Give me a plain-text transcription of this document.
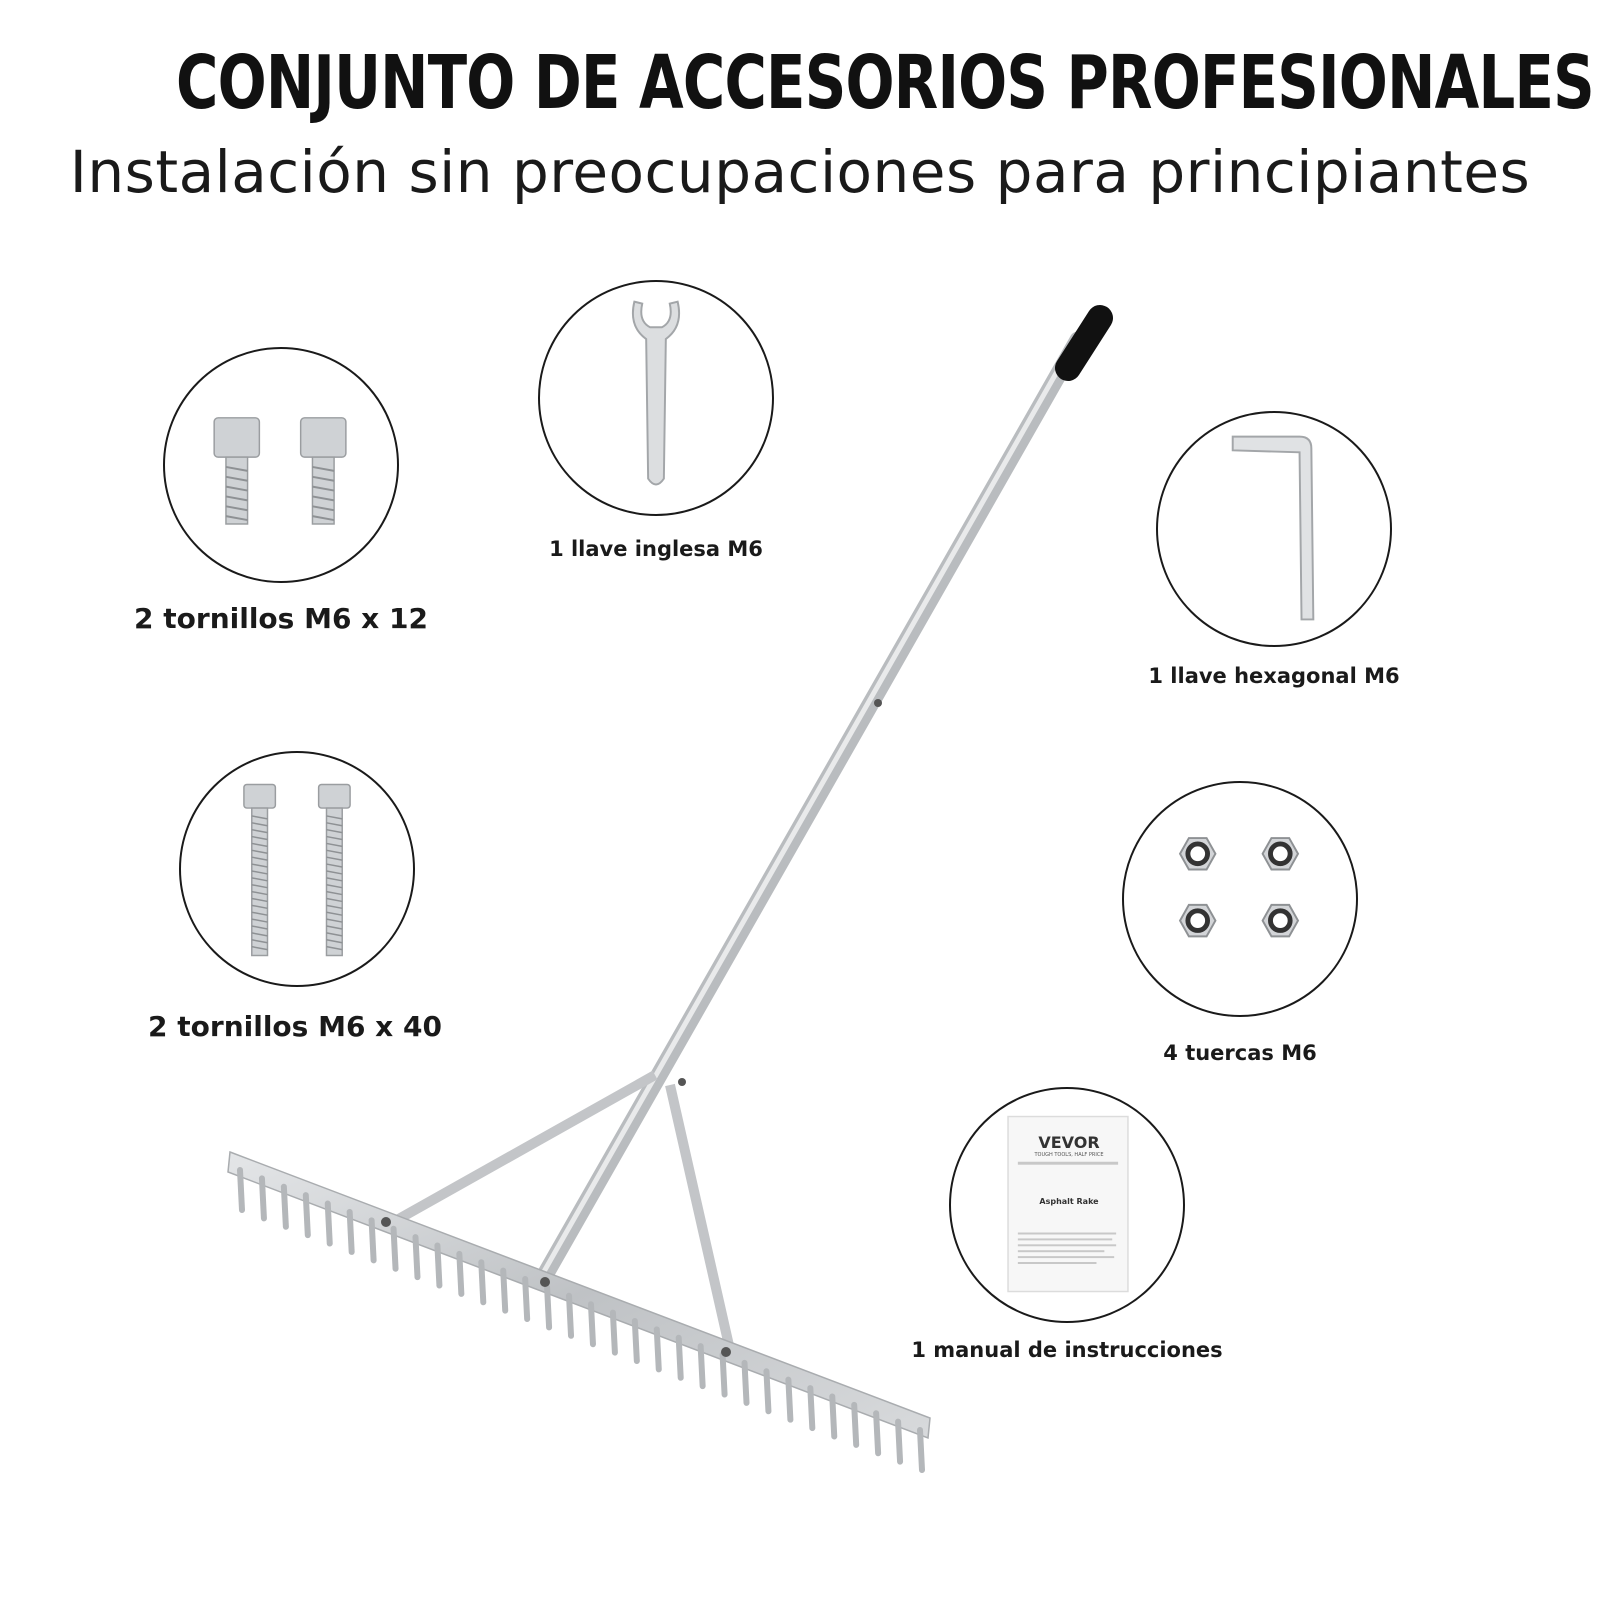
CONJUNTO DE ACCESORIOS PROFESIONALES
Instalación sin preocupaciones para principiantes
2 tornillos M6 x 12
1 llave inglesa M6
1 llave hexagonal M6
2 tornillos M6 x 40
4 tuercas M6
VEVOR
TOUGH TOOLS, HALF PRICE
Asphalt Rake
1 manual de instrucciones
